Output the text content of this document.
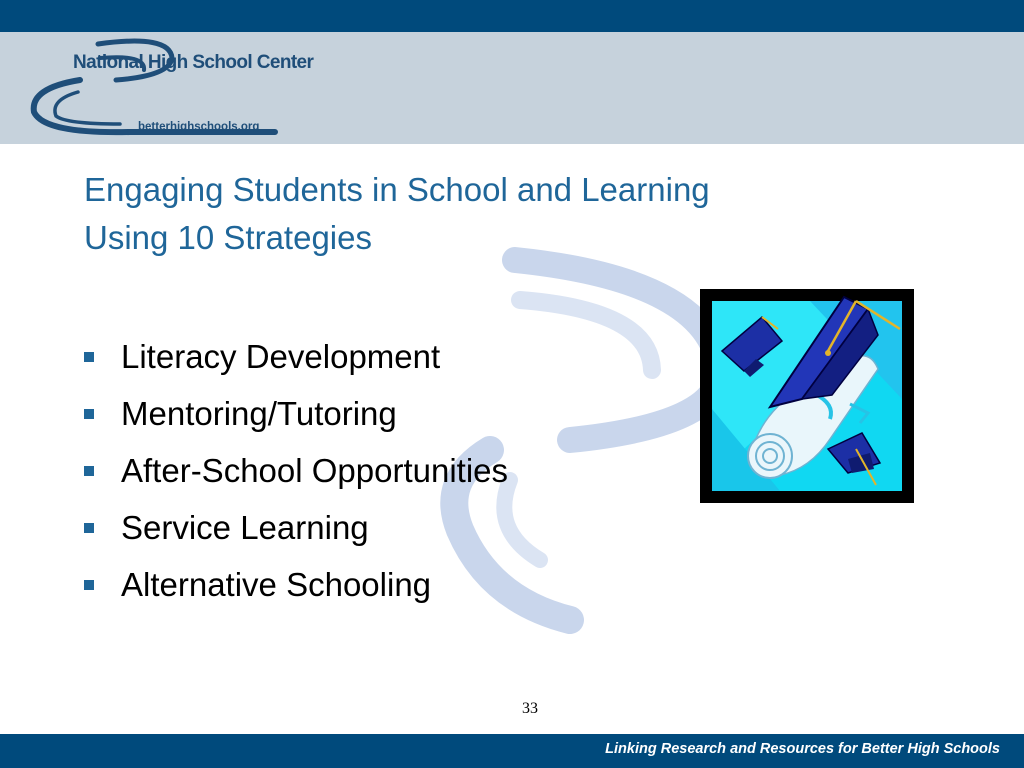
National High School Center
betterhighschools.org
Engaging Students in School and Learning
Using 10 Strategies
Literacy Development
Mentoring/Tutoring
After-School Opportunities
Service Learning
Alternative Schooling
33
Linking Research and Resources for Better High Schools
